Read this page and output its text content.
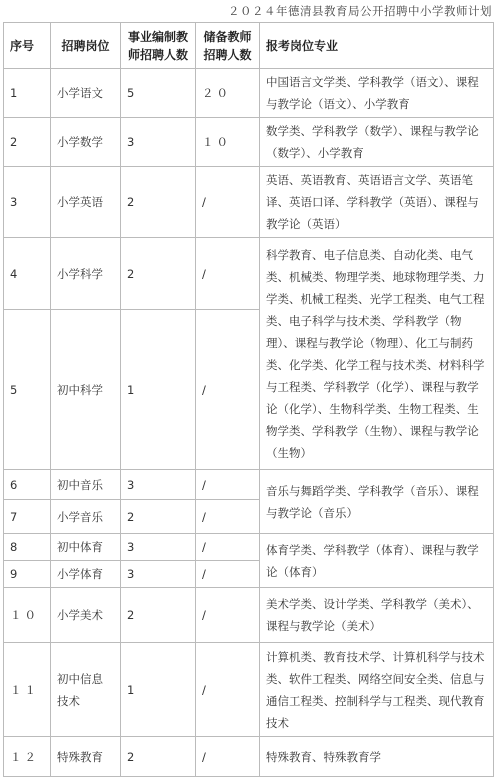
２０２４年德清县教育局公开招聘中小学教师计划
序号	招聘岗位	事业编制教师招聘人数	储备教师招聘人数	报考岗位专业
1	小学语文	5	２０	中国语言文学类、学科教学（语文）、课程与教学论（语文）、小学教育
2	小学数学	3	１０	数学类、学科教学（数学）、课程与教学论（数学）、小学教育
3	小学英语	2	/	英语、英语教育、英语语言文学、英语笔译、英语口译、学科教学（英语）、课程与教学论（英语）
4	小学科学	2	/	科学教育、电子信息类、自动化类、电气类、机械类、物理学类、地球物理学类、力学类、机械工程类、光学工程类、电气工程类、电子科学与技术类、学科教学（物理）、课程与教学论（物理）、化工与制药类、化学类、化学工程与技术类、材料科学与工程类、学科教学（化学）、课程与教学论（化学）、生物科学类、生物工程类、生物学类、学科教学（生物）、课程与教学论（生物）
5	初中科学	1	/	
6	初中音乐	3	/	音乐与舞蹈学类、学科教学（音乐）、课程与教学论（音乐）
7	小学音乐	2	/	
8	初中体育	3	/	体育学类、学科教学（体育）、课程与教学论（体育）
9	小学体育	3	/	
１０	小学美术	2	/	美术学类、设计学类、学科教学（美术）、课程与教学论（美术）
１１	初中信息技术	1	/	计算机类、教育技术学、计算机科学与技术类、软件工程类、网络空间安全类、信息与通信工程类、控制科学与工程类、现代教育技术
１２	特殊教育	2	/	特殊教育、特殊教育学
